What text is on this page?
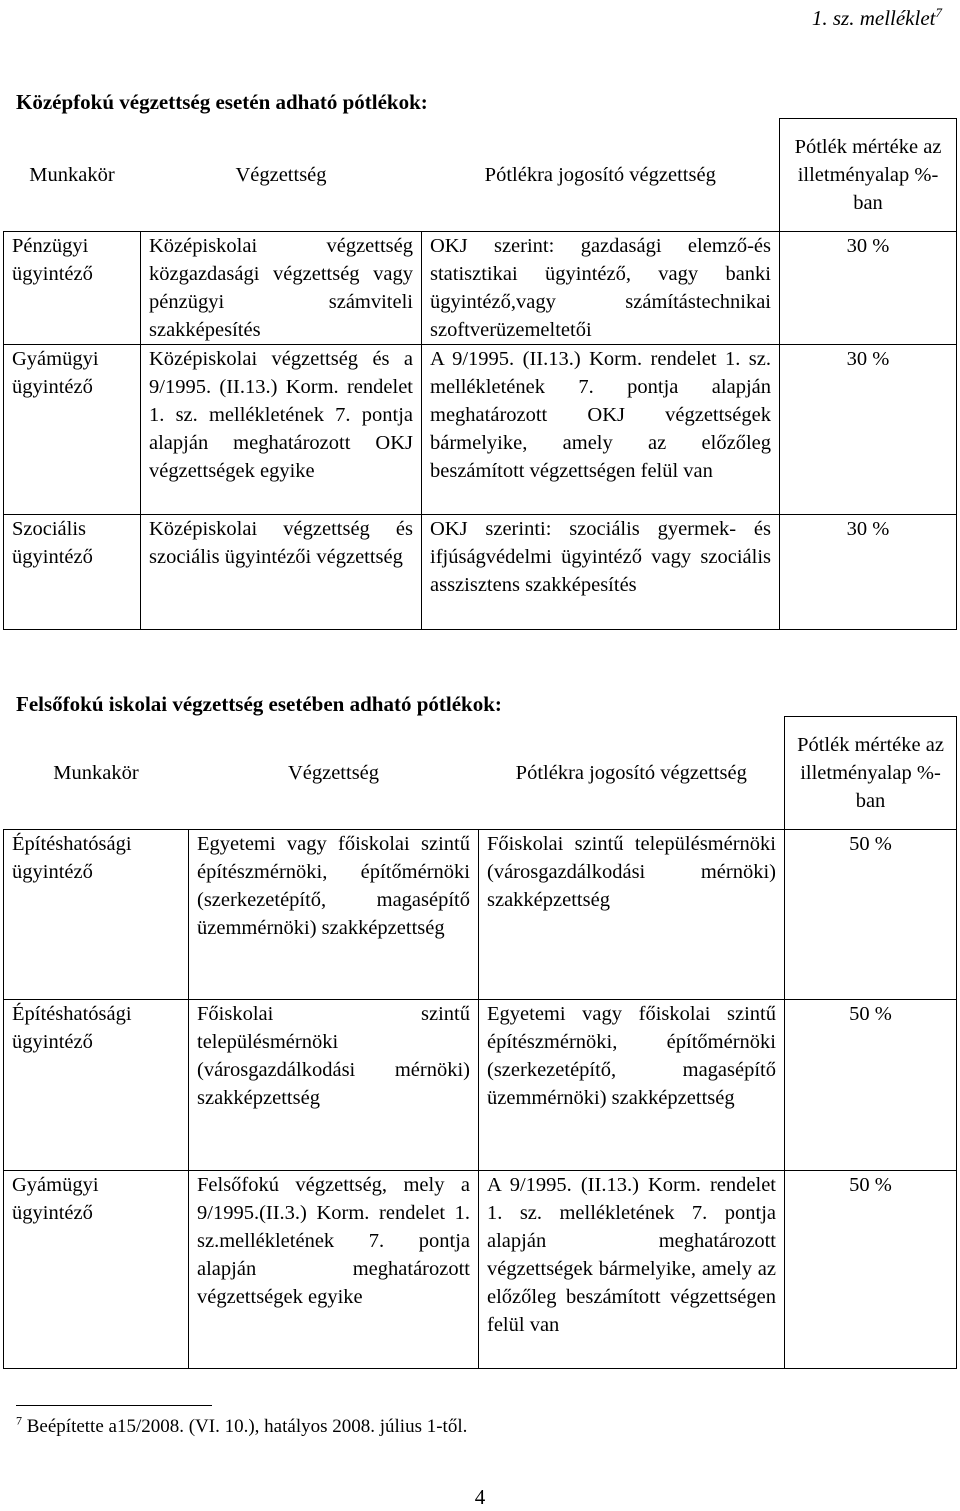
1. sz. melléklet$^7$
Középfokú végzettség esetén adható pótlékok:
Munkakör	Végzettség	Pótlékra jogosító végzettség	Pótlék mértéke az illetményalap %-ban
Pénzügyi ügyintéző	Középiskolai végzettség közgazdasági végzettség vagy pénzügyi számviteli szakképesítés	OKJ szerint: gazdasági elemző-és statisztikai ügyintéző, vagy banki ügyintéző,vagy számítástechnikai szoftverüzemeltetői	30 %
Gyámügyi ügyintéző	Középiskolai végzettség és a 9/1995. (II.13.) Korm. rendelet 1. sz. mellékletének 7. pontja alapján meghatározott OKJ végzettségek egyike	A 9/1995. (II.13.) Korm. rendelet 1. sz. mellékletének 7. pontja alapján meghatározott OKJ végzettségek bármelyike, amely az előzőleg beszámított végzettségen felül van	30 %
Szociális ügyintéző	Középiskolai végzettség és szociális ügyintézői végzettség	OKJ szerinti: szociális gyermek- és ifjúságvédelmi ügyintéző vagy szociális asszisztens szakképesítés	30 %
Felsőfokú iskolai végzettség esetében adható pótlékok:
Munkakör	Végzettség	Pótlékra jogosító végzettség	Pótlék mértéke az illetményalap %-ban
Építéshatósági ügyintéző	Egyetemi vagy főiskolai szintű építészmérnöki, építőmérnöki (szerkezetépítő, magasépítő üzemmérnöki) szakképzettség	Főiskolai szintű településmérnöki (városgazdálkodási mérnöki) szakképzettség	50 %
Építéshatósági ügyintéző	Főiskolai szintű településmérnöki (városgazdálkodási mérnöki) szakképzettség	Egyetemi vagy főiskolai szintű építészmérnöki, építőmérnöki (szerkezetépítő, magasépítő üzemmérnöki) szakképzettség	50 %
Gyámügyi ügyintéző	Felsőfokú végzettség, mely a 9/1995.(II.3.) Korm. rendelet 1. sz.mellékletének 7. pontja alapján meghatározott végzettségek egyike	A 9/1995. (II.13.) Korm. rendelet 1. sz. mellékletének 7. pontja alapján meghatározott végzettségek bármelyike, amely az előzőleg beszámított végzettségen felül van	50 %
$^7$ Beépítette a15/2008. (VI. 10.), hatályos 2008. július 1-től.
4
